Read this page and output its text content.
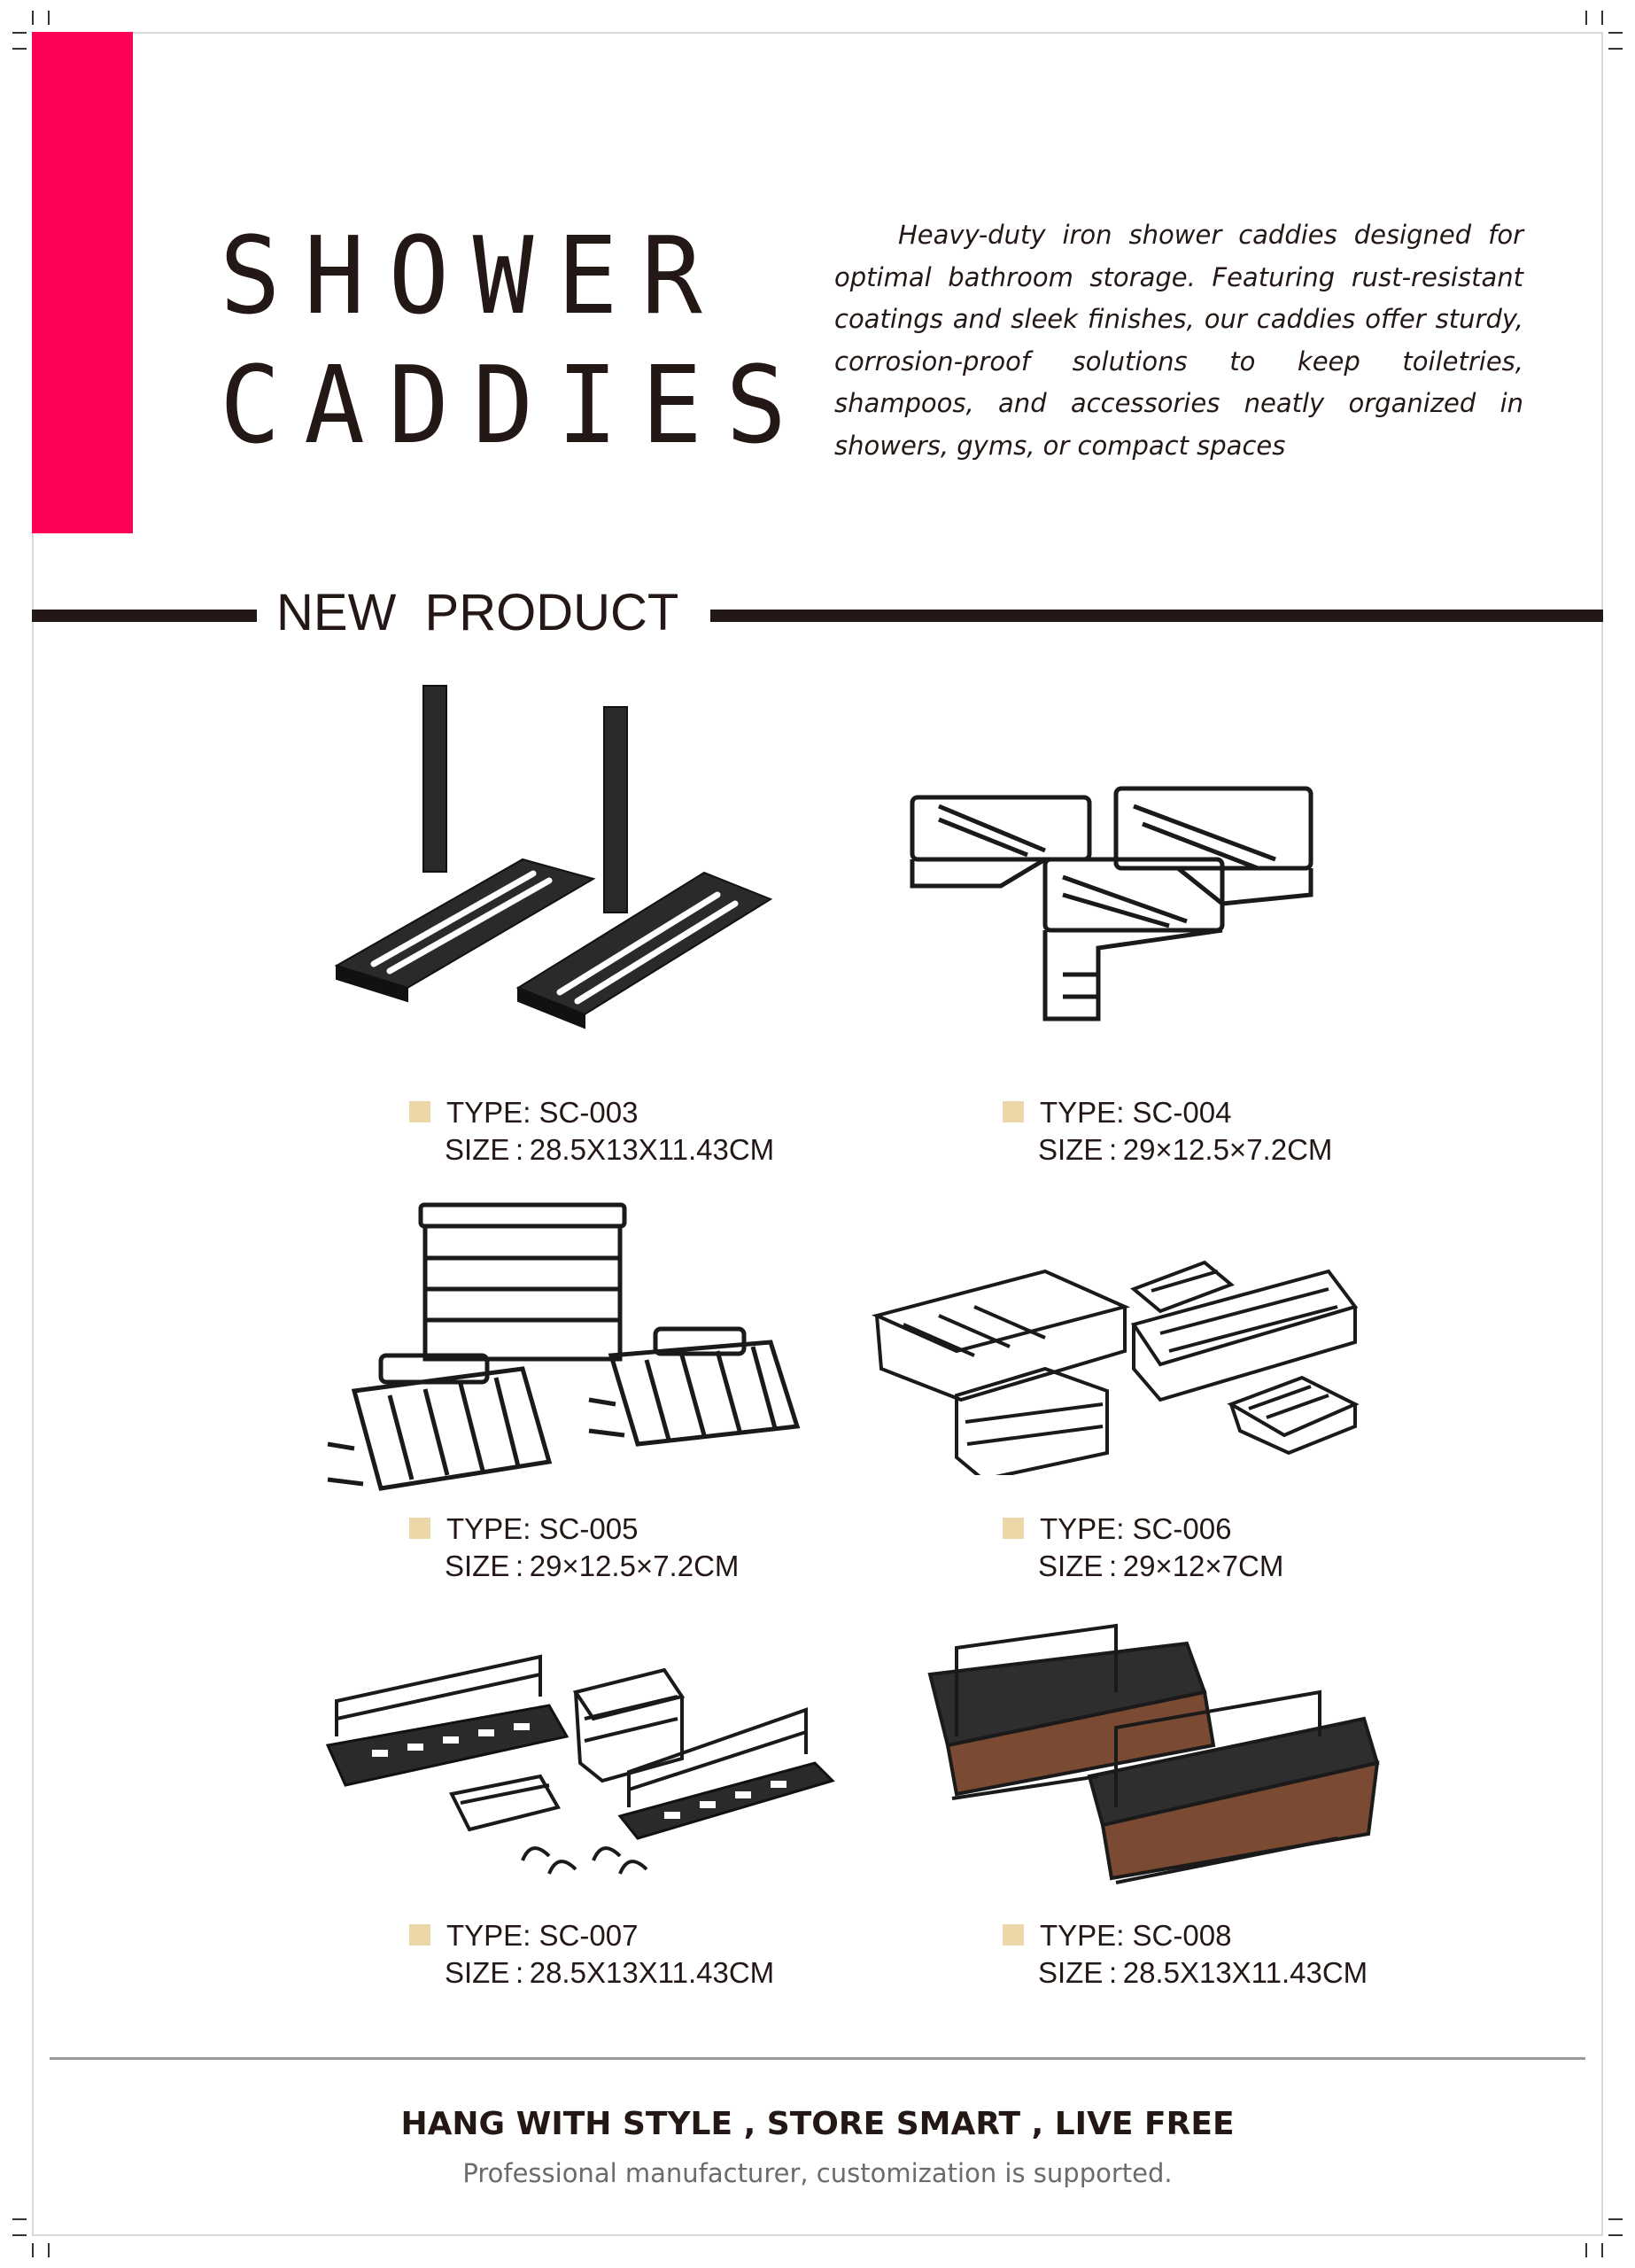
SHOWER
CADDIES
Heavy-duty iron shower caddies designed for optimal bathroom storage. Featuring rust-resistant coatings and sleek finishes, our caddies offer sturdy, corrosion-proof solutions to keep toiletries, shampoos, and accessories neatly organized in showers, gyms, or compact spaces
NEW  PRODUCT
TYPE: SC-003
SIZE : 28.5X13X11.43CM
TYPE: SC-004
SIZE : 29×12.5×7.2CM
TYPE: SC-005
SIZE : 29×12.5×7.2CM
TYPE: SC-006
SIZE : 29×12×7CM
TYPE: SC-007
SIZE : 28.5X13X11.43CM
TYPE: SC-008
SIZE : 28.5X13X11.43CM
HANG WITH STYLE , STORE SMART , LIVE FREE
Professional manufacturer, customization is supported.
